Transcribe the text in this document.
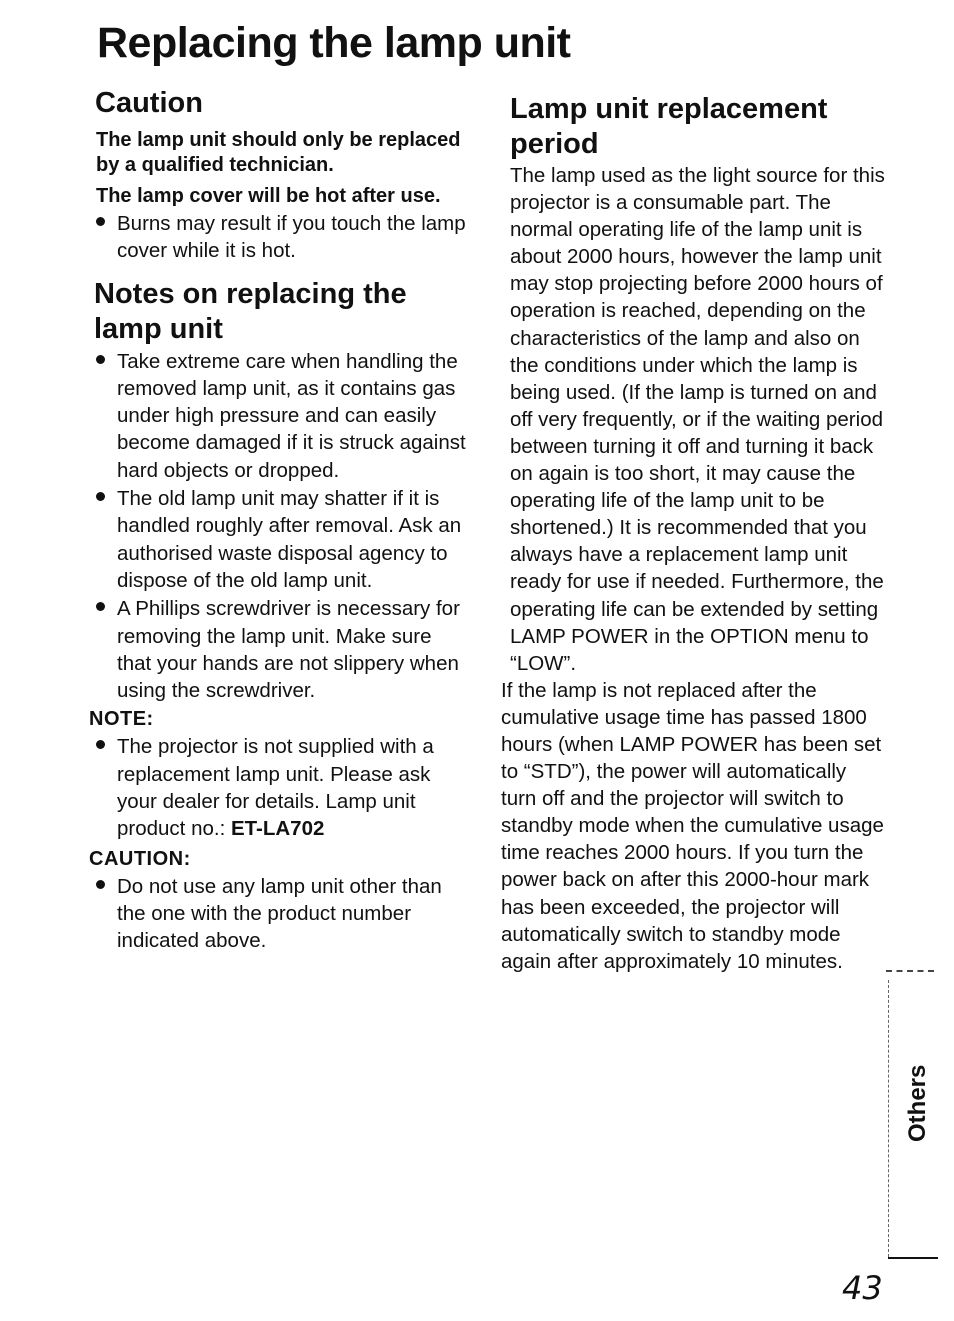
Replacing the lamp unit
Caution

The lamp unit should only be replaced by a qualified technician.

The lamp cover will be hot after use.

Burns may result if you touch the lamp cover while it is hot.
Notes on replacing the lamp unit
Take extreme care when handling the removed lamp unit, as it contains gas under high pressure and can easily become damaged if it is struck against hard objects or dropped.
The old lamp unit may shatter if it is handled roughly after removal. Ask an authorised waste disposal agency to dispose of the old lamp unit.
A Phillips screwdriver is necessary for removing the lamp unit. Make sure that your hands are not slippery when using the screwdriver.

NOTE:

The projector is not supplied with a replacement lamp unit. Please ask your dealer for details. Lamp unit product no.: ET-LA702

CAUTION:

Do not use any lamp unit other than the one with the product number indicated above.
Lamp unit replacement period

The lamp used as the light source for this projector is a consumable part. The normal operating life of the lamp unit is about 2000 hours, however the lamp unit may stop projecting before 2000 hours of operation is reached, depending on the characteristics of the lamp and also on the conditions under which the lamp is being used. (If the lamp is turned on and off very frequently, or if the waiting period between turning it off and turning it back on again is too short, it may cause the operating life of the lamp unit to be shortened.) It is recommended that you always have a replacement lamp unit ready for use if needed. Furthermore, the operating life can be extended by setting LAMP POWER in the OPTION menu to “LOW”.

If the lamp is not replaced after the cumulative usage time has passed 1800 hours (when LAMP POWER has been set to “STD”), the power will automatically turn off and the projector will switch to standby mode when the cumulative usage time reaches 2000 hours. If you turn the power back on after this 2000-hour mark has been exceeded, the projector will automatically switch to standby mode again after approximately 10 minutes.

Others
43
